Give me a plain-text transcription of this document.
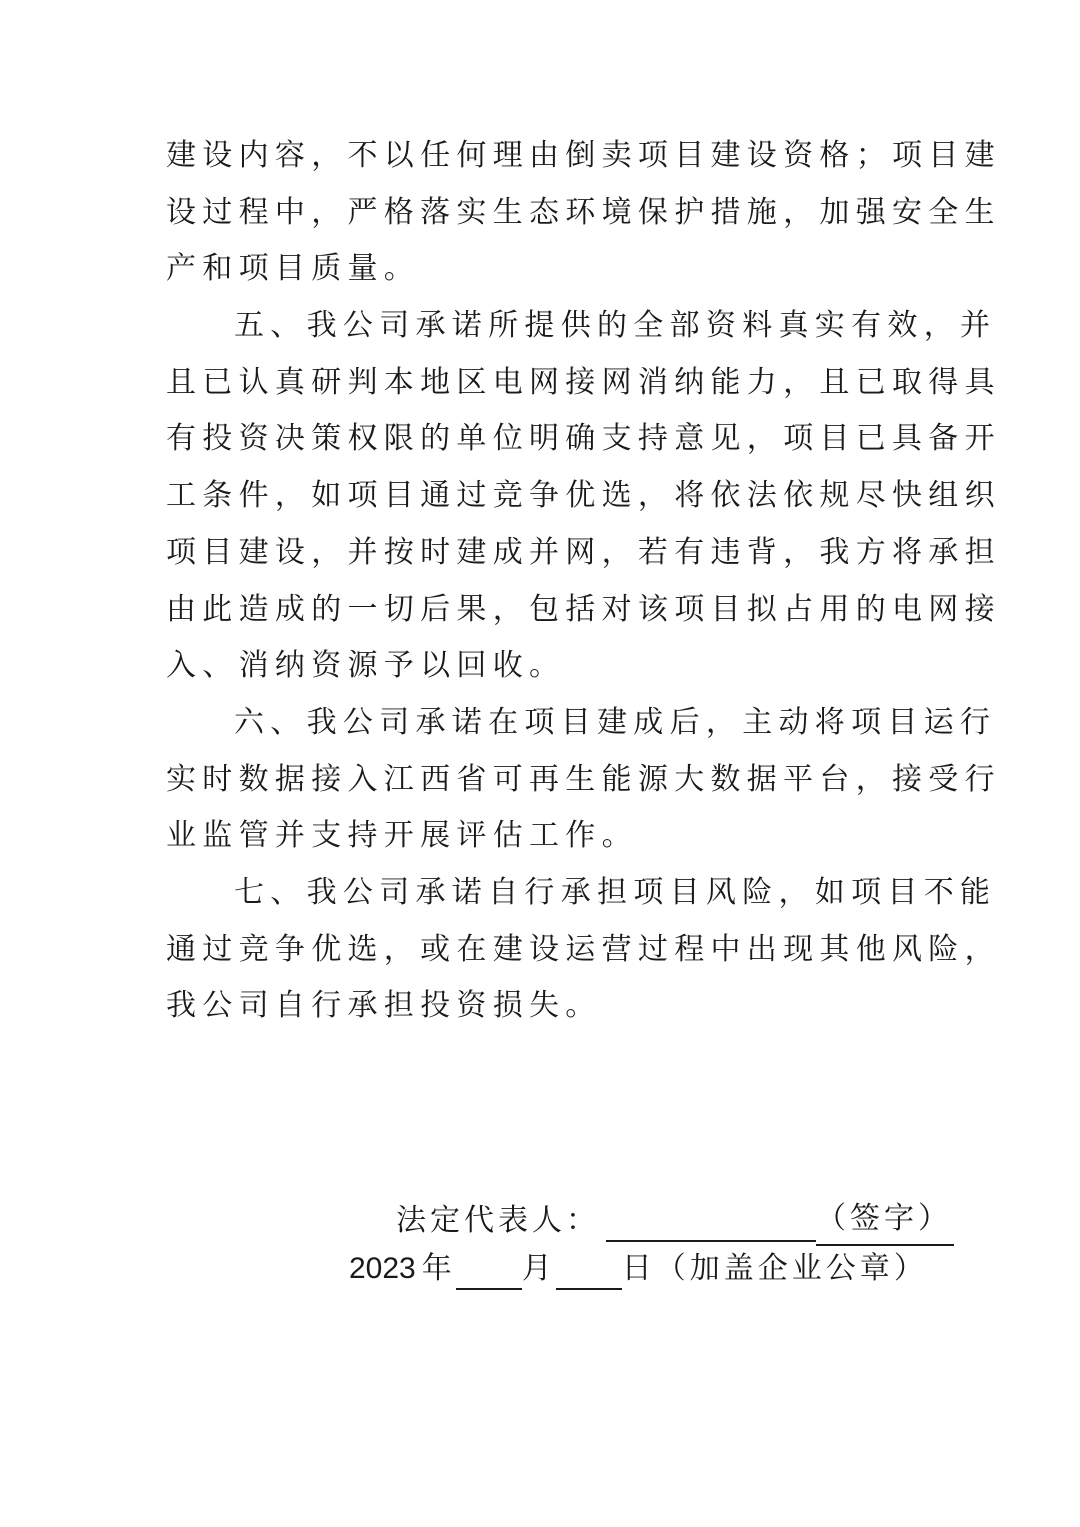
建设内容，不以任何理由倒卖项目建设资格；项目建
设过程中，严格落实生态环境保护措施，加强安全生
产和项目质量。
五、我公司承诺所提供的全部资料真实有效，并
且已认真研判本地区电网接网消纳能力，且已取得具
有投资决策权限的单位明确支持意见，项目已具备开
工条件，如项目通过竞争优选，将依法依规尽快组织
项目建设，并按时建成并网，若有违背，我方将承担
由此造成的一切后果，包括对该项目拟占用的电网接
入、消纳资源予以回收。
六、我公司承诺在项目建成后，主动将项目运行
实时数据接入江西省可再生能源大数据平台，接受行
业监管并支持开展评估工作。
七、我公司承诺自行承担项目风险，如项目不能
通过竞争优选，或在建设运营过程中出现其他风险，
我公司自行承担投资损失。
法定代表人：	（签字）
2023 年 月 日 （加盖企业公章）
